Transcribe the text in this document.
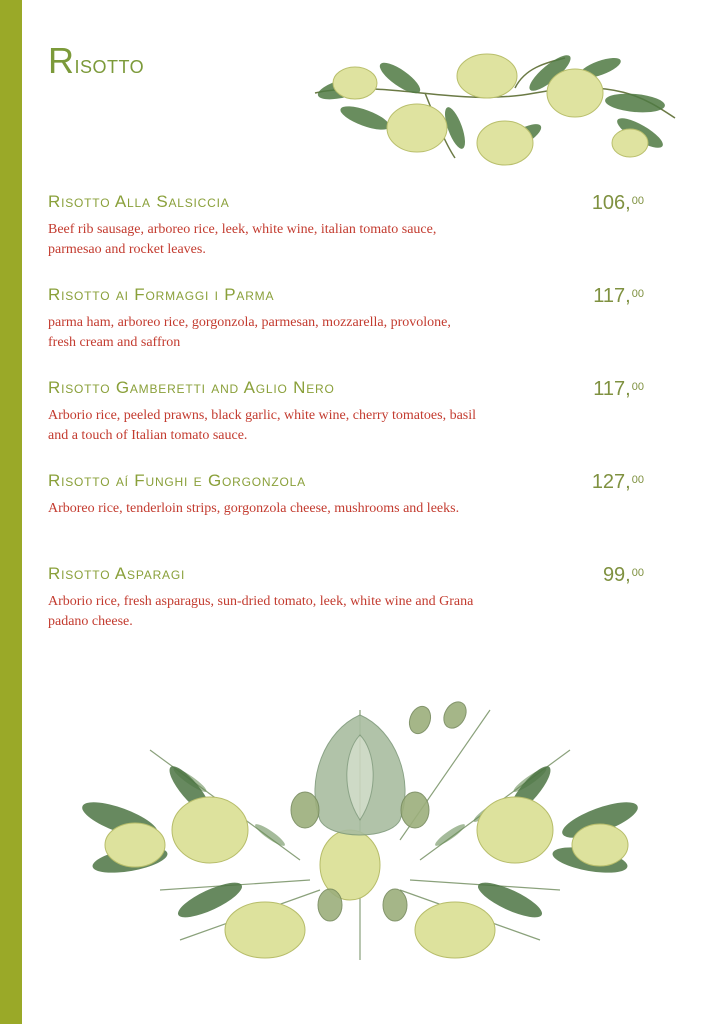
Risotto
Risotto Alla Salsiccia	106,00

Beef rib sausage, arboreo rice, leek, white wine, italian tomato sauce, parmesao and rocket leaves.

Risotto ai Formaggi i Parma	117,00

parma ham, arboreo rice, gorgonzola, parmesan, mozzarella, provolone, fresh cream and saffron

Risotto Gamberetti and Aglio Nero	117,00

Arborio rice, peeled prawns, black garlic, white wine, cherry tomatoes, basil and a touch of Italian tomato sauce.

Risotto aí Funghi e Gorgonzola	127,00

Arboreo rice, tenderloin strips, gorgonzola cheese, mushrooms and leeks.

Risotto Asparagi	99,00

Arborio rice, fresh asparagus, sun-dried tomato, leek, white wine and Grana padano cheese.
